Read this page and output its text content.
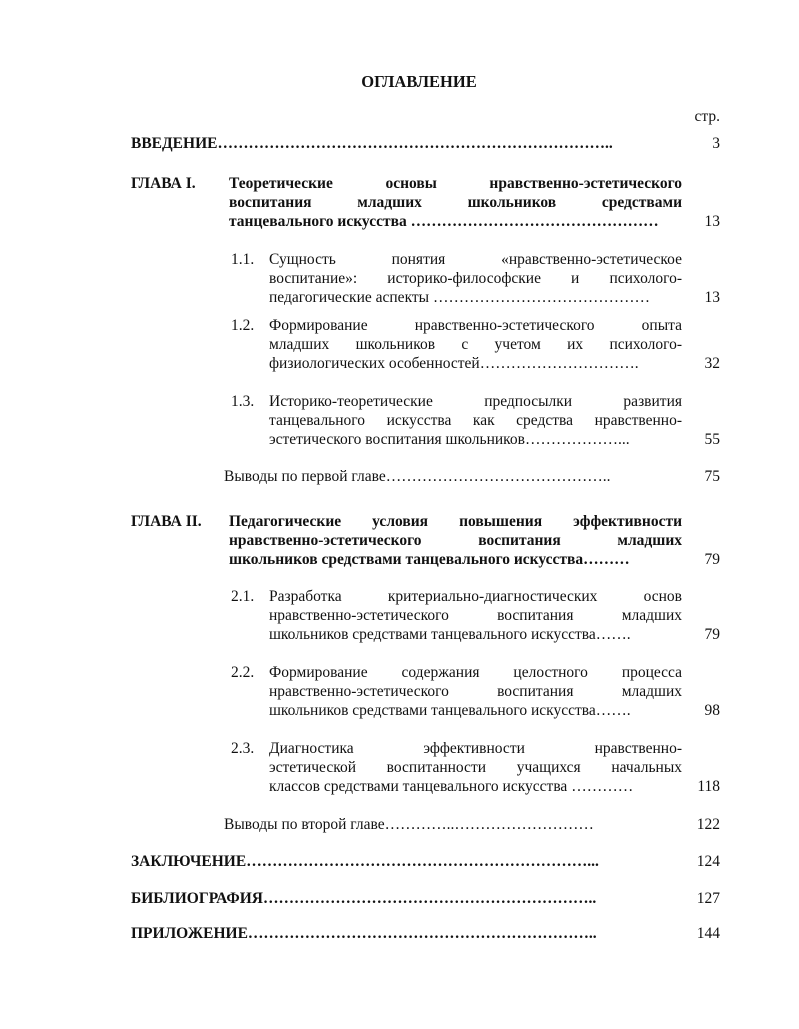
ОГЛАВЛЕНИЕ
стр.
ВВЕДЕНИЕ…………………………………………………………………..	3
ГЛАВА I. Теоретические основы нравственно-эстетического
воспитания младших школьников средствами
танцевального искусства …………………………………………	13
1.1. Сущность понятия «нравственно-эстетическое
воспитание»: историко-философские и психолого-
педагогические аспекты ……………………………………	13
1.2. Формирование нравственно-эстетического опыта
младших школьников с учетом их психолого-
физиологических особенностей………………………….	32
1.3. Историко-теоретические предпосылки развития
танцевального искусства как средства нравственно-
эстетического воспитания школьников………………...	55
Выводы по первой главе……………………………………..	75
ГЛАВА II. Педагогические условия повышения эффективности
нравственно-эстетического воспитания младших
школьников средствами танцевального искусства………	79
2.1. Разработка критериально-диагностических основ
нравственно-эстетического воспитания младших
школьников средствами танцевального искусства…….	79
2.2. Формирование содержания целостного процесса
нравственно-эстетического воспитания младших
школьников средствами танцевального искусства…….	98
2.3. Диагностика эффективности нравственно-
эстетической воспитанности учащихся начальных
классов средствами танцевального искусства …………	118
Выводы по второй главе…………..………………………	122
ЗАКЛЮЧЕНИЕ…………………………………………………………...	124
БИБЛИОГРАФИЯ………………………………………………………..	127
ПРИЛОЖЕНИЕ…………………………………………………………..	144
